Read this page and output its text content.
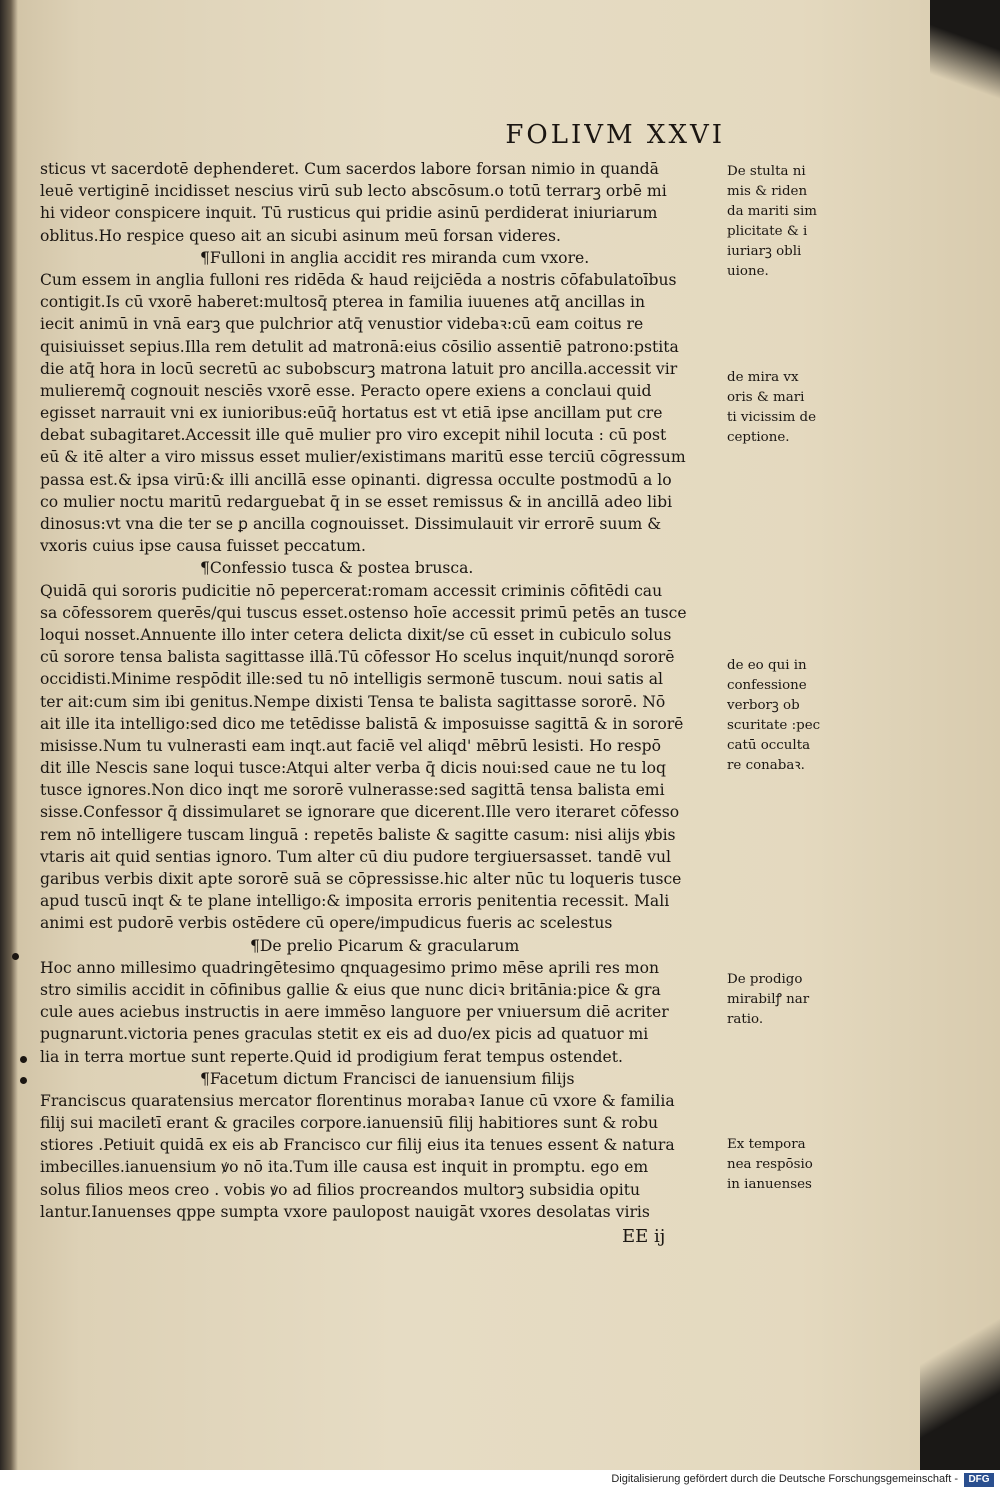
FOLIVM XXVI
sticus vt sacerdotē dephenderet. Cum sacerdos labore forsan nimio in quandā
leuē vertiginē incidisset nescius virū sub lecto abscōsum.o totū terrarꝫ orbē mi
hi videor conspicere inquit. Tū rusticus qui pridie asinū perdiderat iniuriarum
oblitus.Ho respice queso ait an sicubi asinum meū forsan videres.
¶Fulloni in anglia accidit res miranda cum vxore.
Cum essem in anglia fulloni res ridēda & haud reijciēda a nostris cōfabulatoībus
contigit.Is cū vxorē haberet:multosq̄ pterea in familia iuuenes atq̄ ancillas in
iecit animū in vnā earꝫ que pulchrior atq̄ venustior videbaꝛ:cū eam coitus re
quisiuisset sepius.Illa rem detulit ad matronā:eius cōsilio assentiē patrono:pstita
die atq̄ hora in locū secretū ac subobscurꝫ matrona latuit pro ancilla.accessit vir
mulieremq̄ cognouit nesciēs vxorē esse. Peracto opere exiens a conclaui quid
egisset narrauit vni ex iunioribus:eūq̄ hortatus est vt etiā ipse ancillam put cre
debat subagitaret.Accessit ille quē mulier pro viro excepit nihil locuta : cū post
eū & itē alter a viro missus esset mulier/existimans maritū esse terciū cōgressum
passa est.& ipsa virū:& illi ancillā esse opinanti. digressa occulte postmodū a lo
co mulier noctu maritū redarguebat q̄ in se esset remissus & in ancillā adeo libi
dinosus:vt vna die ter se ꝑ ancilla cognouisset. Dissimulauit vir errorē suum &
vxoris cuius ipse causa fuisset peccatum.
¶Confessio tusca & postea brusca.
Quidā qui sororis pudicitie nō pepercerat:romam accessit criminis cōfitēdi cau
sa cōfessorem querēs/qui tuscus esset.ostenso hoīe accessit primū petēs an tusce
loqui nosset.Annuente illo inter cetera delicta dixit/se cū esset in cubiculo solus
cū sorore tensa balista sagittasse illā.Tū cōfessor Ho scelus inquit/nunqd sororē
occidisti.Minime respōdit ille:sed tu nō intelligis sermonē tuscum. noui satis al
ter ait:cum sim ibi genitus.Nempe dixisti Tensa te balista sagittasse sororē. Nō
ait ille ita intelligo:sed dico me tetēdisse balistā & imposuisse sagittā & in sororē
misisse.Num tu vulnerasti eam inqt.aut faciē vel aliqd' mēbrū lesisti. Ho respō
dit ille Nescis sane loqui tusce:Atqui alter verba q̄ dicis noui:sed caue ne tu loq
tusce ignores.Non dico inqt me sororē vulnerasse:sed sagittā tensa balista emi
sisse.Confessor q̄ dissimularet se ignorare que dicerent.Ille vero iteraret cōfesso
rem nō intelligere tuscam linguā : repetēs baliste & sagitte casum: nisi alijs ꝟbis
vtaris ait quid sentias ignoro. Tum alter cū diu pudore tergiuersasset. tandē vul
garibus verbis dixit apte sororē suā se cōpressisse.hic alter nūc tu loqueris tusce
apud tuscū inqt & te plane intelligo:& imposita erroris penitentia recessit. Mali
animi est pudorē verbis ostēdere cū opere/impudicus fueris ac scelestus
¶De prelio Picarum & gracularum
Hoc anno millesimo quadringētesimo qnquagesimo primo mēse aprili res mon
stro similis accidit in cōfinibus gallie & eius que nunc diciꝛ britānia:pice & gra
cule aues aciebus instructis in aere immēso languore per vniuersum diē acriter
pugnarunt.victoria penes graculas stetit ex eis ad duo/ex picis ad quatuor mi
lia in terra mortue sunt reperte.Quid id prodigium ferat tempus ostendet.
¶Facetum dictum Francisci de ianuensium filijs
Franciscus quaratensius mercator florentinus morabaꝛ Ianue cū vxore & familia
filij sui maciletī erant & graciles corpore.ianuensiū filij habitiores sunt & robu
stiores .Petiuit quidā ex eis ab Francisco cur filij eius ita tenues essent & natura
imbecilles.ianuensium ꝟo nō ita.Tum ille causa est inquit in promptu. ego em
solus filios meos creo . vobis ꝟo ad filios procreandos multorꝫ subsidia opitu
lantur.Ianuenses qppe sumpta vxore paulopost nauigāt vxores desolatas viris
De stulta ni
mis & riden
da mariti sim
plicitate & i
iuriarꝫ obli
uione.
de mira vx
oris & mari
ti vicissim de
ceptione.
de eo qui in
confessione
verborꝫ ob
scuritate :pec
catū occulta
re conabaꝛ.
De prodigo
mirabilꝭ nar
ratio.
Ex tempora
nea respōsio
in ianuenses
EE ij
Digitalisierung gefördert durch die Deutsche Forschungsgemeinschaft -	DFG
